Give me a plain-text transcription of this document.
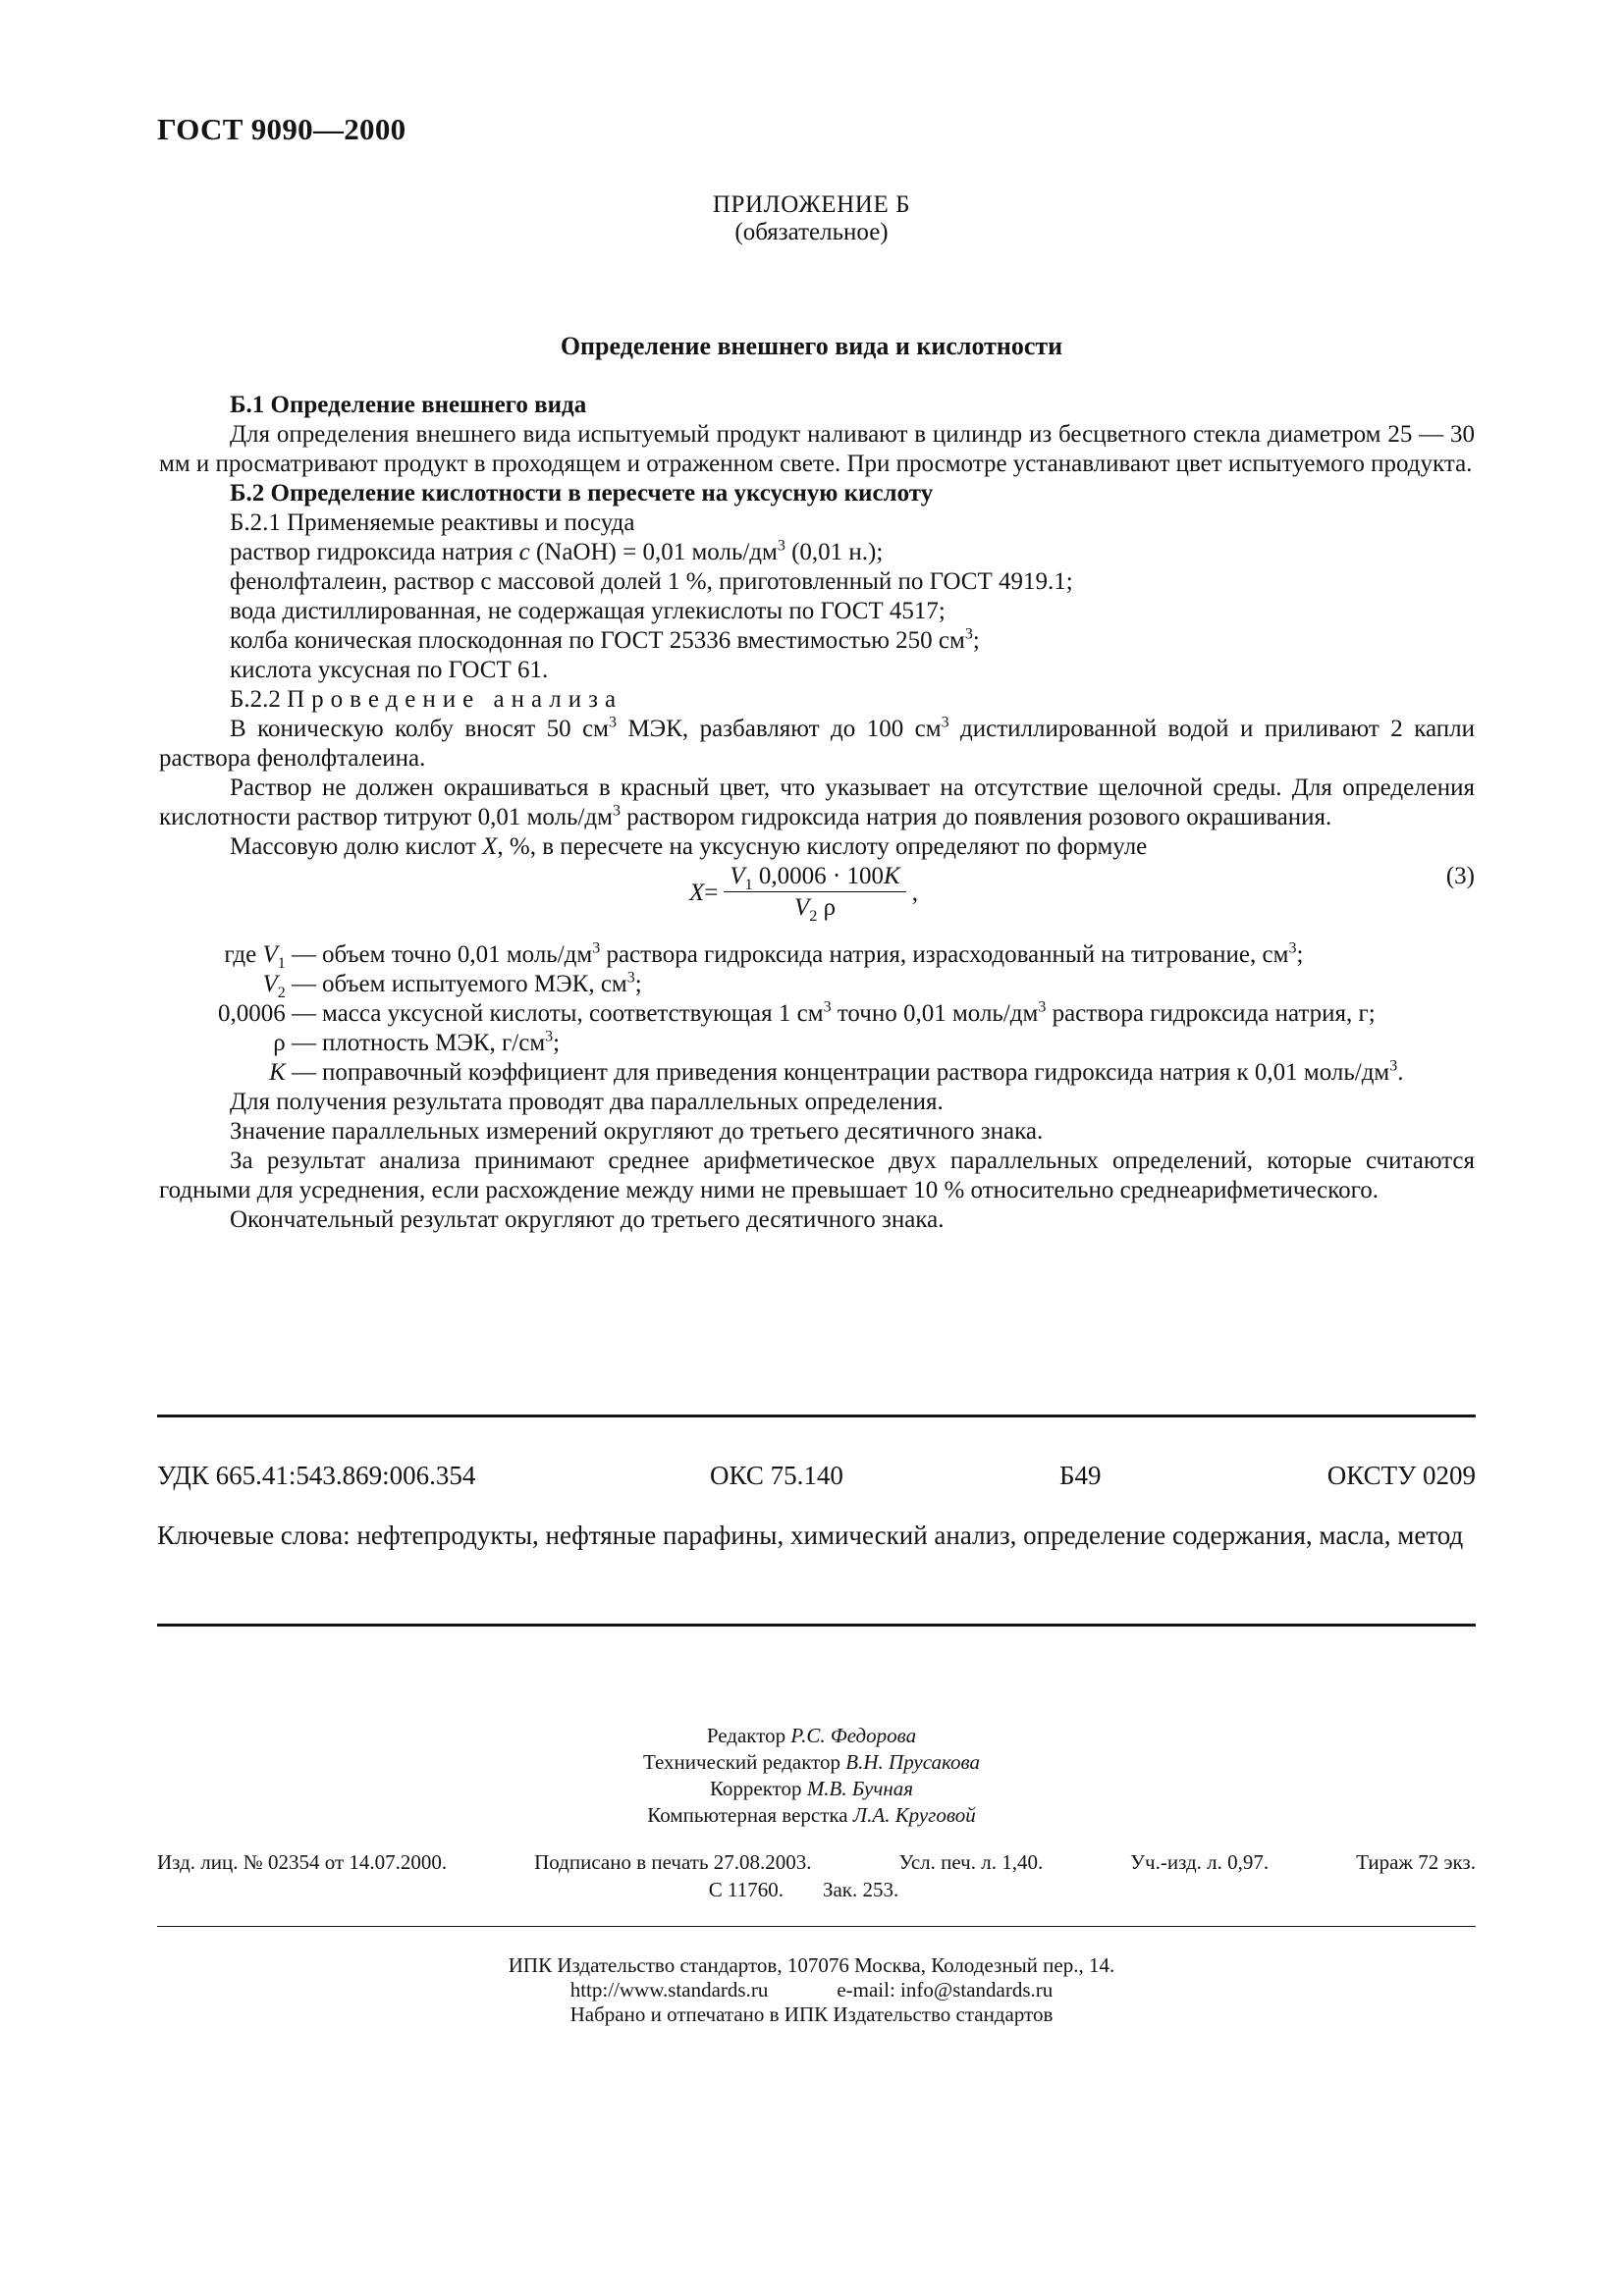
ГОСТ 9090—2000
ПРИЛОЖЕНИЕ Б
(обязательное)
Определение внешнего вида и кислотности

Б.1 Определение внешнего вида

Для определения внешнего вида испытуемый продукт наливают в цилиндр из бесцветного стекла диаметром 25 — 30 мм и просматривают продукт в проходящем и отраженном свете. При просмотре устанавливают цвет испытуемого продукта.

Б.2 Определение кислотности в пересчете на уксусную кислоту

Б.2.1 Применяемые реактивы и посуда

раствор гидроксида натрия c (NaOH) = 0,01 моль/$дм^3$ (0,01 н.);

фенолфталеин, раствор с массовой долей 1 %, приготовленный по ГОСТ 4919.1;

вода дистиллированная, не содержащая углекислоты по ГОСТ 4517;

колба коническая плоскодонная по ГОСТ 25336 вместимостью 250 $см^3$;

кислота уксусная по ГОСТ 61.

Б.2.2 Проведение анализа

В коническую колбу вносят 50 $см^3$ МЭК, разбавляют до 100 $см^3$ дистиллированной водой и приливают 2 капли раствора фенолфталеина.

Раствор не должен окрашиваться в красный цвет, что указывает на отсутствие щелочной среды. Для определения кислотности раствор титруют 0,01 моль/$дм^3$ раствором гидроксида натрия до появления розового окрашивания.

Массовую долю кислот X, %, в пересчете на уксусную кислоту определяют по формуле

$X = \frac{V_1 0,0006 \cdot 100K}{V_2 \rho}$ ,
(3)
где $V_1$ — объем точно 0,01 моль/$дм^3$ раствора гидроксида натрия, израсходованный на титрование, $см^3$;
$V_2$ — объем испытуемого МЭК, $см^3$;
0,0006 — масса уксусной кислоты, соответствующая 1 $см^3$ точно 0,01 моль/$дм^3$ раствора гидроксида натрия, г;
ρ — плотность МЭК, $г/см^3$;
K — поправочный коэффициент для приведения концентрации раствора гидроксида натрия к 0,01 моль/$дм^3$.

Для получения результата проводят два параллельных определения.

Значение параллельных измерений округляют до третьего десятичного знака.

За результат анализа принимают среднее арифметическое двух параллельных определений, которые считаются годными для усреднения, если расхождение между ними не превышает 10 % относительно среднеарифметического.

Окончательный результат округляют до третьего десятичного знака.

УДК 665.41:543.869:006.354	ОКС 75.140	Б49	ОКСТУ 0209
Ключевые слова: нефтепродукты, нефтяные парафины, химический анализ, определение содержания, масла, метод
Редактор Р.С. Федорова
Технический редактор В.Н. Прусакова
Корректор М.В. Бучная
Компьютерная верстка Л.А. Круговой
Изд. лиц. № 02354 от 14.07.2000.	Подписано в печать 27.08.2003.	Усл. печ. л. 1,40.	Уч.-изд. л. 0,97.	Тираж 72 экз.
С 11760. Зак. 253.
ИПК Издательство стандартов, 107076 Москва, Колодезный пер., 14.
http://www.standards.ru	e-mail: info@standards.ru
Набрано и отпечатано в ИПК Издательство стандартов
